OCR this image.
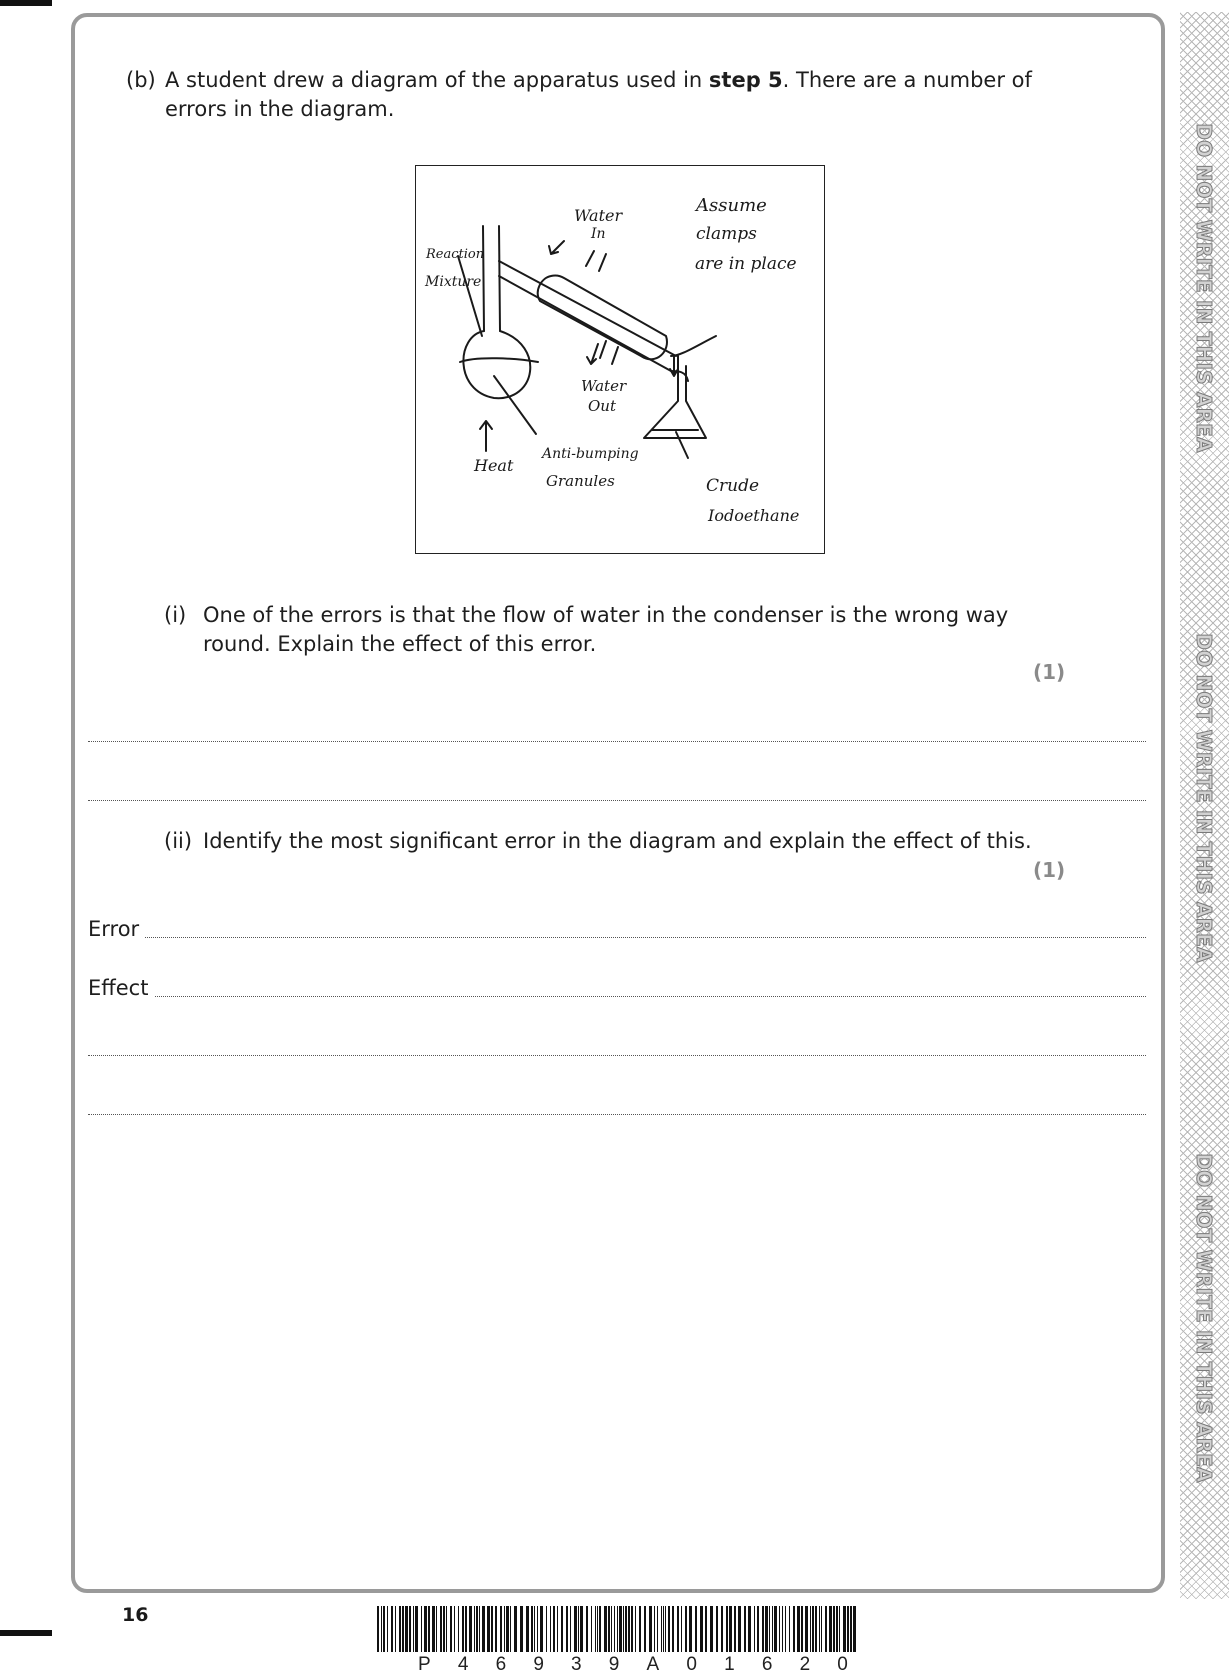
DO NOT WRITE IN THIS AREA
DO NOT WRITE IN THIS AREA
DO NOT WRITE IN THIS AREA
(b) A student drew a diagram of the apparatus used in step 5. There are a number of
errors in the diagram.
Water
In
Assume
clamps
are in place
Reaction
Mixture
Water
Out
Heat
Anti-bumping
Granules	Crude
Iodoethane
(i) One of the errors is that the flow of water in the condenser is the wrong way
round. Explain the effect of this error.
(1)
(ii) Identify the most significant error in the diagram and explain the effect of this.
(1)
Error
Effect
16
P 4 6 9 3 9 A 0 1 6 2 0
